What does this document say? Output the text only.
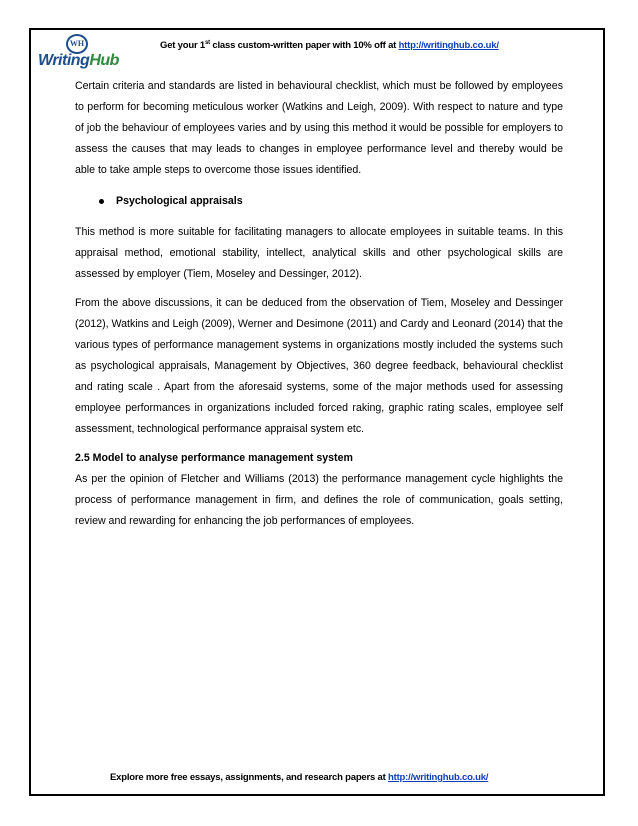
WH
WritingHub
Get your 1st class custom-written paper with 10% off at http://writinghub.co.uk/

Certain criteria and standards are listed in behavioural checklist, which must be followed by employees to perform for becoming meticulous worker (Watkins and Leigh, 2009). With respect to nature and type of job the behaviour of employees varies and by using this method it would be possible for employers to assess the causes that may leads to changes in employee performance level and thereby would be able to take ample steps to overcome those issues identified.

Psychological appraisals

This method is more suitable for facilitating managers to allocate employees in suitable teams. In this appraisal method, emotional stability, intellect, analytical skills and other psychological skills are assessed by employer (Tiem, Moseley and Dessinger, 2012).

From the above discussions, it can be deduced from the observation of Tiem, Moseley and Dessinger (2012), Watkins and Leigh (2009), Werner and Desimone (2011) and Cardy and Leonard (2014) that the various types of performance management systems in organizations mostly included the systems such as psychological appraisals, Management by Objectives, 360 degree feedback, behavioural checklist and rating scale . Apart from the aforesaid systems, some of the major methods used for assessing employee performances in organizations included forced raking, graphic rating scales, employee self assessment, technological performance appraisal system etc.

2.5 Model to analyse performance management system

As per the opinion of Fletcher and Williams (2013) the performance management cycle highlights the process of performance management in firm, and defines the role of communication, goals setting, review and rewarding for enhancing the job performances of employees.

Explore more free essays, assignments, and research papers at http://writinghub.co.uk/
